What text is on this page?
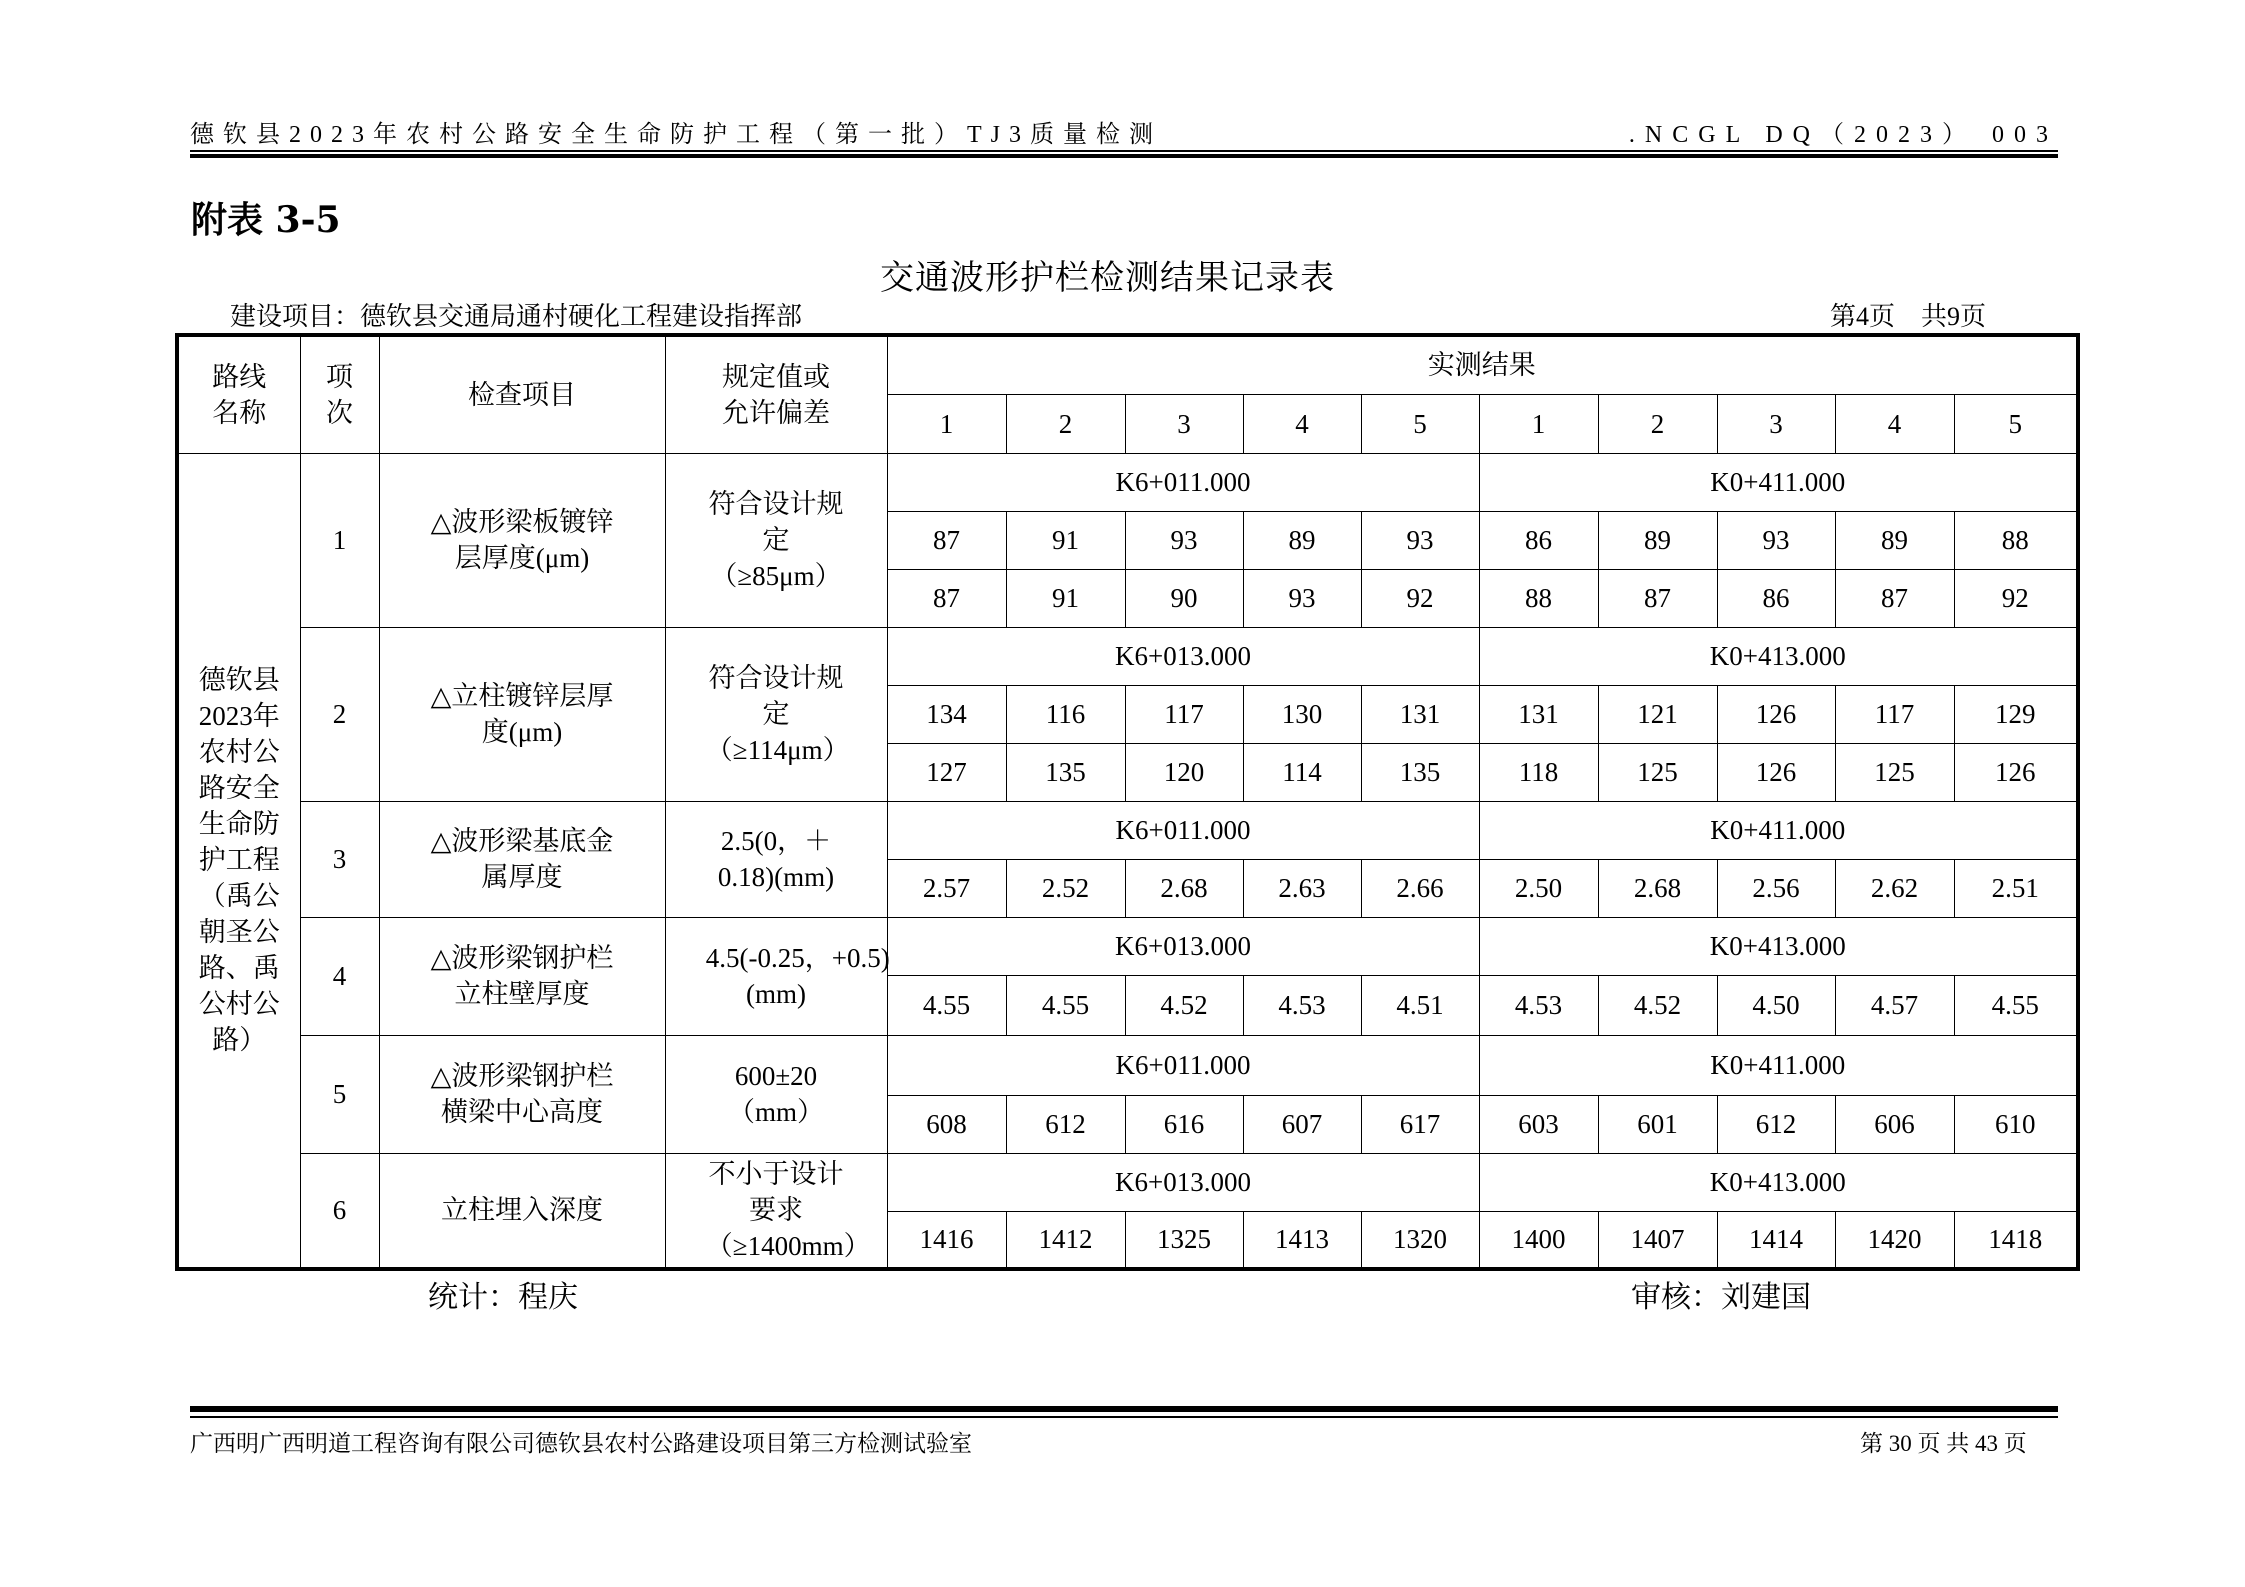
德钦县2023年农村公路安全生命防护工程（第一批）TJ3质量检测	.NCGL DQ（2023） 003
附表 3-5
交通波形护栏检测结果记录表
建设项目：德钦县交通局通村硬化工程建设指挥部	第4页　共9页
路线名称	项次	检查项目	规定值或允许偏差	实测结果									
				1	2	3	4	5	1	2	3	4	5
德钦县2023年农村公路安全生命防护工程（禹公朝圣公路、禹公村公路）	1	△波形梁板镀锌层厚度(μm)	符合设计规定（≥85μm）	K6+011.000					K0+411.000				
				87	91	93	89	93	86	89	93	89	88
				87	91	90	93	92	88	87	86	87	92
	2	△立柱镀锌层厚度(μm)	符合设计规定（≥114μm）	K6+013.000					K0+413.000				
				134	116	117	130	131	131	121	126	117	129
				127	135	120	114	135	118	125	126	125	126
	3	△波形梁基底金属厚度	2.5(0，＋0.18)(mm)	K6+011.000					K0+411.000				
				2.57	2.52	2.68	2.63	2.66	2.50	2.68	2.56	2.62	2.51
	4	△波形梁钢护栏立柱壁厚度	4.5(-0.25，+0.5)(mm)	K6+013.000					K0+413.000				
				4.55	4.55	4.52	4.53	4.51	4.53	4.52	4.50	4.57	4.55
	5	△波形梁钢护栏横梁中心高度	600±20（mm）	K6+011.000					K0+411.000				
				608	612	616	607	617	603	601	612	606	610
	6	立柱埋入深度	不小于设计要求（≥1400mm）	K6+013.000					K0+413.000				
				1416	1412	1325	1413	1320	1400	1407	1414	1420	1418
统计：程庆	审核：刘建国
广西明广西明道工程咨询有限公司德钦县农村公路建设项目第三方检测试验室	第 30 页 共 43 页
